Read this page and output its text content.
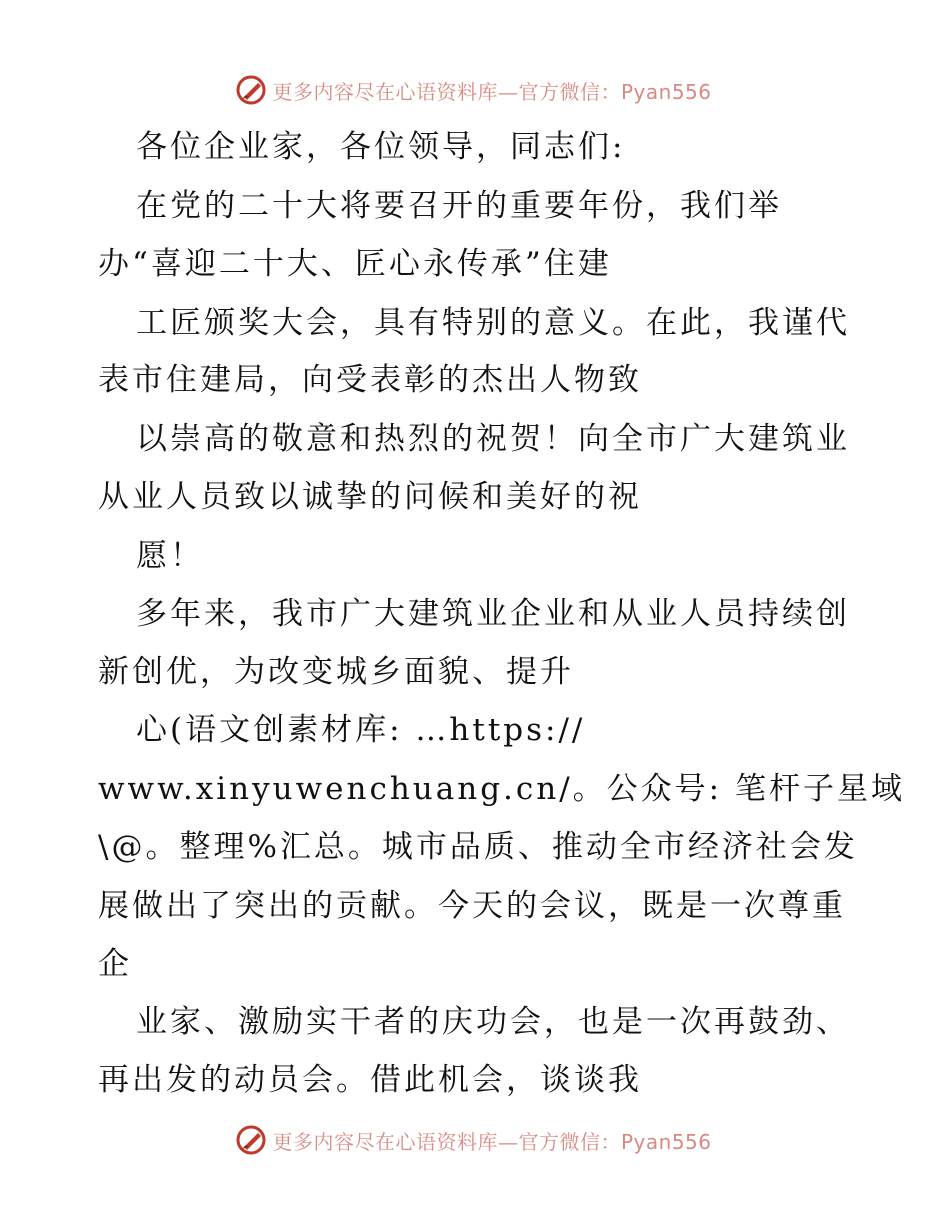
更多内容尽在心语资料库—官方微信：Pyan556
各位企业家，各位领导，同志们:
在党的二十大将要召开的重要年份，我们举
办“喜迎二十大、匠心永传承”住建
工匠颁奖大会，具有特别的意义。在此，我谨代
表市住建局，向受表彰的杰出人物致
以崇高的敬意和热烈的祝贺！向全市广大建筑业
从业人员致以诚挚的问候和美好的祝
愿！
多年来，我市广大建筑业企业和从业人员持续创
新创优，为改变城乡面貌、提升
心(语文创素材库: …https://
www.xinyuwenchuang.cn/。公众号: 笔杆子星域
\@。整理%汇总。城市品质、推动全市经济社会发
展做出了突出的贡献。今天的会议，既是一次尊重
企
业家、激励实干者的庆功会，也是一次再鼓劲、
再出发的动员会。借此机会，谈谈我
更多内容尽在心语资料库—官方微信：Pyan556
